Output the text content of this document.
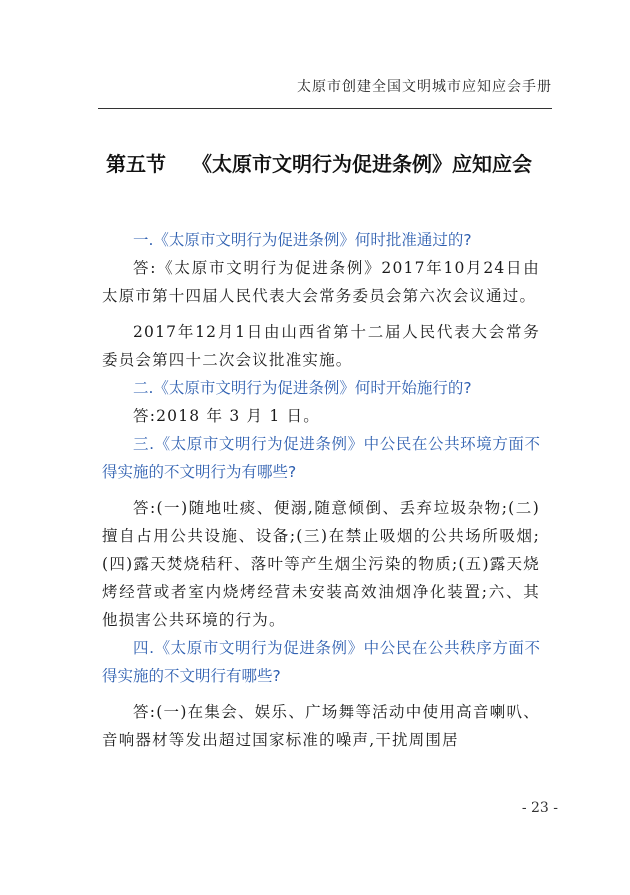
太原市创建全国文明城市应知应会手册
第五节 《太原市文明行为促进条例》应知应会

一.《太原市文明行为促进条例》何时批准通过的?

答:《太原市文明行为促进条例》2017年10月24日由太原市第十四届人民代表大会常务委员会第六次会议通过。

2017年12月1日由山西省第十二届人民代表大会常务委员会第四十二次会议批准实施。

二.《太原市文明行为促进条例》何时开始施行的?

答:2018 年 3 月 1 日。

三.《太原市文明行为促进条例》中公民在公共环境方面不得实施的不文明行为有哪些?

答:(一)随地吐痰、便溺,随意倾倒、丢弃垃圾杂物;(二)擅自占用公共设施、设备;(三)在禁止吸烟的公共场所吸烟;(四)露天焚烧秸秆、落叶等产生烟尘污染的物质;(五)露天烧烤经营或者室内烧烤经营未安装高效油烟净化装置;六、其他损害公共环境的行为。

四.《太原市文明行为促进条例》中公民在公共秩序方面不得实施的不文明行有哪些?

答:(一)在集会、娱乐、广场舞等活动中使用高音喇叭、音响器材等发出超过国家标准的噪声,干扰周围居

- 23 -
